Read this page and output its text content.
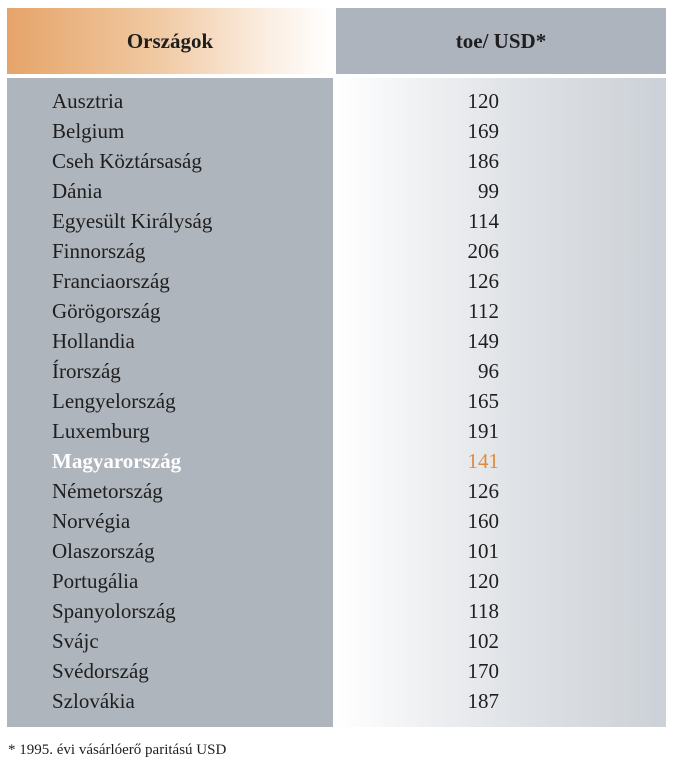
Országok	toe/ USD*
Ausztria	120
Belgium	169
Cseh Köztársaság	186
Dánia	99
Egyesült Királyság	114
Finnország	206
Franciaország	126
Görögország	112
Hollandia	149
Írország	96
Lengyelország	165
Luxemburg	191
Magyarország	141
Németország	126
Norvégia	160
Olaszország	101
Portugália	120
Spanyolország	118
Svájc	102
Svédország	170
Szlovákia	187
* 1995. évi vásárlóerő paritású USD
